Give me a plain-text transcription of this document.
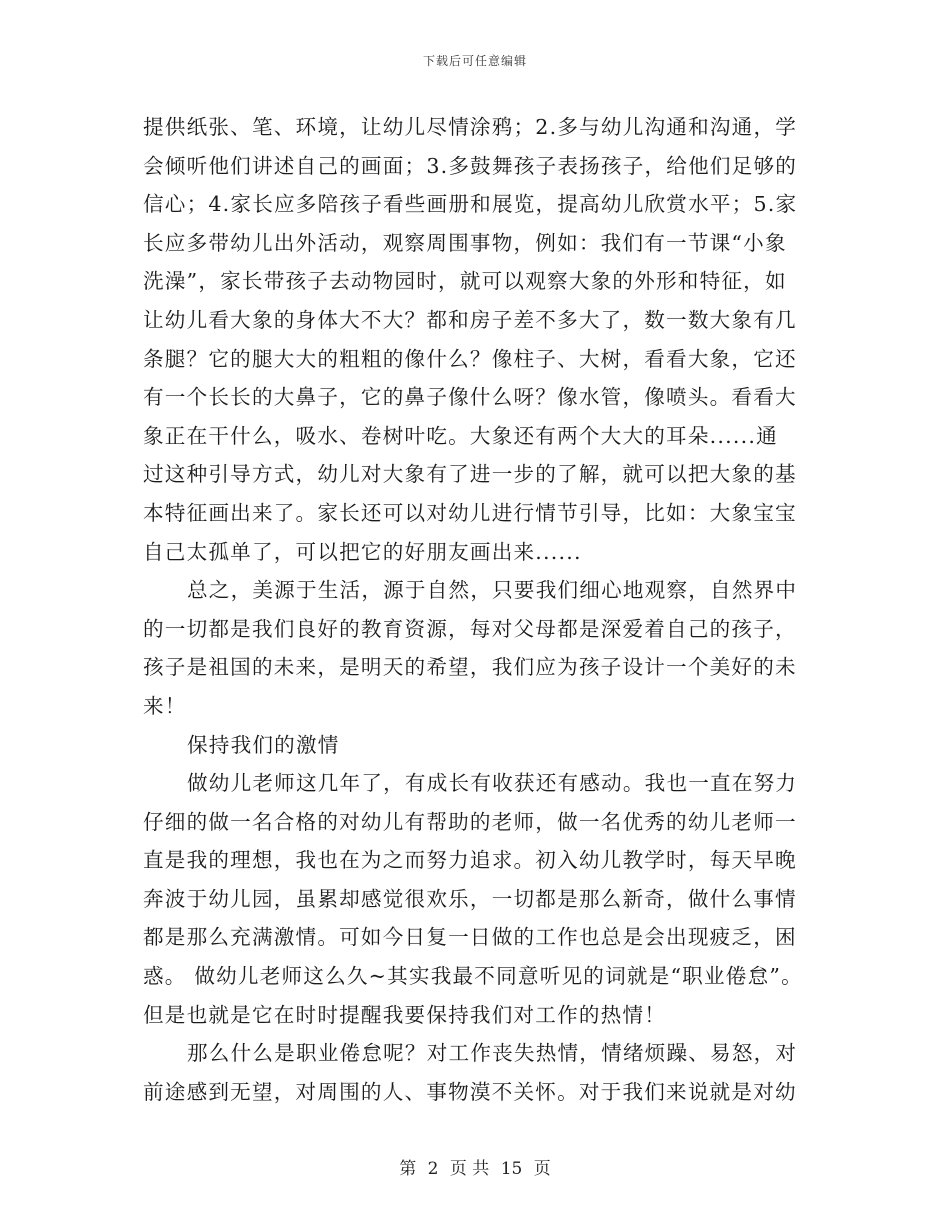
下载后可任意编辑
提供纸张、笔、环境，让幼儿尽情涂鸦；2.多与幼儿沟通和沟通，学
会倾听他们讲述自己的画面；3.多鼓舞孩子表扬孩子，给他们足够的
信心；4.家长应多陪孩子看些画册和展览，提高幼儿欣赏水平；5.家
长应多带幼儿出外活动，观察周围事物，例如：我们有一节课“小象
洗澡”，家长带孩子去动物园时，就可以观察大象的外形和特征，如
让幼儿看大象的身体大不大？都和房子差不多大了，数一数大象有几
条腿？它的腿大大的粗粗的像什么？像柱子、大树，看看大象，它还
有一个长长的大鼻子，它的鼻子像什么呀？像水管，像喷头。看看大
象正在干什么，吸水、卷树叶吃。大象还有两个大大的耳朵......通
过这种引导方式，幼儿对大象有了进一步的了解，就可以把大象的基
本特征画出来了。家长还可以对幼儿进行情节引导，比如：大象宝宝
自己太孤单了，可以把它的好朋友画出来......
总之，美源于生活，源于自然，只要我们细心地观察，自然界中
的一切都是我们良好的教育资源，每对父母都是深爱着自己的孩子，
孩子是祖国的未来，是明天的希望，我们应为孩子设计一个美好的未
来！
保持我们的激情
做幼儿老师这几年了，有成长有收获还有感动。我也一直在努力
仔细的做一名合格的对幼儿有帮助的老师，做一名优秀的幼儿老师一
直是我的理想，我也在为之而努力追求。初入幼儿教学时，每天早晚
奔波于幼儿园，虽累却感觉很欢乐，一切都是那么新奇，做什么事情
都是那么充满激情。可如今日复一日做的工作也总是会出现疲乏，困
惑。 做幼儿老师这么久~其实我最不同意听见的词就是“职业倦怠”。
但是也就是它在时时提醒我要保持我们对工作的热情！
那么什么是职业倦怠呢？对工作丧失热情，情绪烦躁、易怒，对
前途感到无望，对周围的人、事物漠不关怀。对于我们来说就是对幼
第 2 页 共 15 页
